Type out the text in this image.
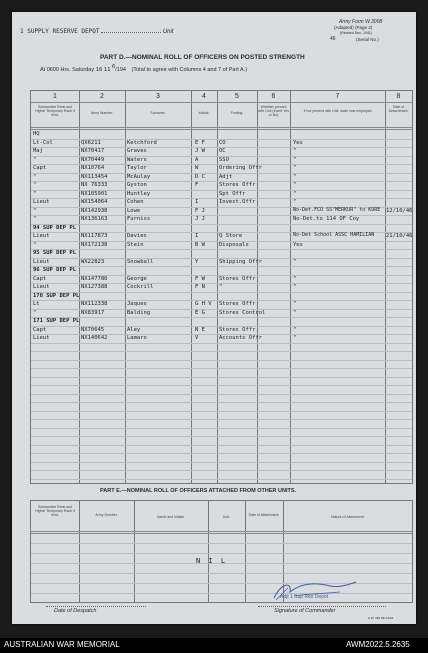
1 SUPPLY RESERVE DEPOT	Unit
Army Form W.3008
(Adapted) (Page 2)
(Revised Dec. 1941)
46	(Serial No.)
PART D.—NOMINAL ROLL OF OFFICERS ON POSTED STRENGTH
At 0600 Hrs. Saturday 16 11 6/194 (Total to agree with Columns 4 and 7 of Part A.)
1	2	3	4	5	6	7	8
Substantive Rank and Higher Temporary Rank if held.	Army Number.	Surname.	Initials.	Posting.
Whether present with Unit (Insert Yes or No)
If not present with Unit, state how employed.
Date of Detachment.
HQ
Lt-Col	QX6211	Ketchford	E F	CO	Yes
Maj	NX70417	Graves	J W	OC	"
"	NX70449	Waters	A	SSO	"
Capt	NX10764	Taylor	W	Ordering Offr	"
"	NX113454	McAulay	D C	Adjt	"
"	NX 76333	Gyston	F	Stores Offr	"
"	NX105901	Huntley	Spt Offr	"
Lieut	WX154064	Cohen	I	Invest.Offr	"
"	NX142938	Lowe	F J	No-Det.FCO SS"MERKUR" to KURE	12/10/46
"	NX136163	Furniss	J J	No-Det.to 114 OF Coy
94 SUP DEP PL
Lieut	NX117873	Davies	I	Q Store	No-Det School ASSC HAMILIAN	21/10/46
"	NX172138	Stein	B W	Disposals	Yes
95 SUP DEP PL
Lieut	WX22823	Snowball	Y	Shipping Offr	"
96 SUP DEP PL
Capt	NX147780	George	F W	Stores Offr	"
Lieut	NX127388	Cockrill	F N	"	"
170 SUP DEP PL
Lt	NX112338	Jaques	G H V Stores Offr	"
"	NX83917	Balding	E G	Stores Control	"
171 SUP DEP PL
Capt	NX70645	Aley	N E	Stores Offr	"
Lieut	NX140642	Lamaro	V	Accounts Offr	"
PART E.—NOMINAL ROLL OF OFFICERS ATTACHED FROM OTHER UNITS.
Substantive Rank and Higher Temporary Rank if held.	Army Number.	Name and Initials.	Unit.	Date of Attachment.	Nature of Attachment.
N I L
Adjt 1 Sup Res Depot
Date of Despatch	Signature of Commander
A.W. 384 Mil 12/44
AUSTRALIAN WAR MEMORIAL	AWM2022.5.2635
